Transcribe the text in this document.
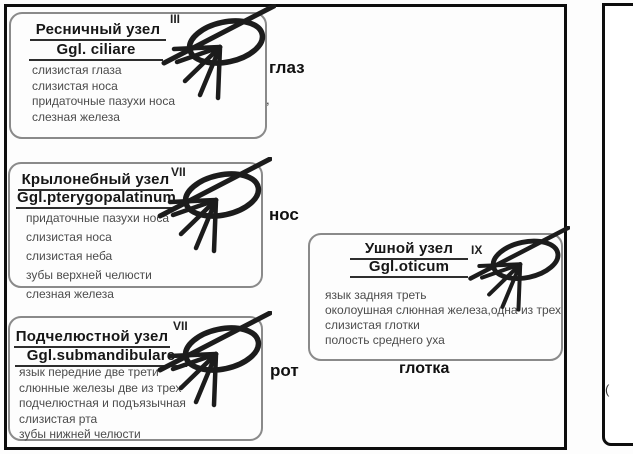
Ресничный узел
Ggl. ciliare
слизистая глаза
слизистая носа
придаточные пазухи носа
слезная железа
III
глаз
Крылонебный узел
Ggl.pterygopalatinum
придаточные пазухи носа
слизистая носа
слизистая неба
зубы верхней челюсти
слезная железа
VII
нос
Подчелюстной узел
Ggl.submandibulare
язык передние две трети
слюнные железы две из трех
подчелюстная и подъязычная
слизистая рта
зубы нижней челюсти
VII
рот
Ушной узел
Ggl.oticum
язык задняя треть
околоушная слюнная железа,одна из трех
слизистая глотки
полость среднего уха
IX
глотка
,
(
